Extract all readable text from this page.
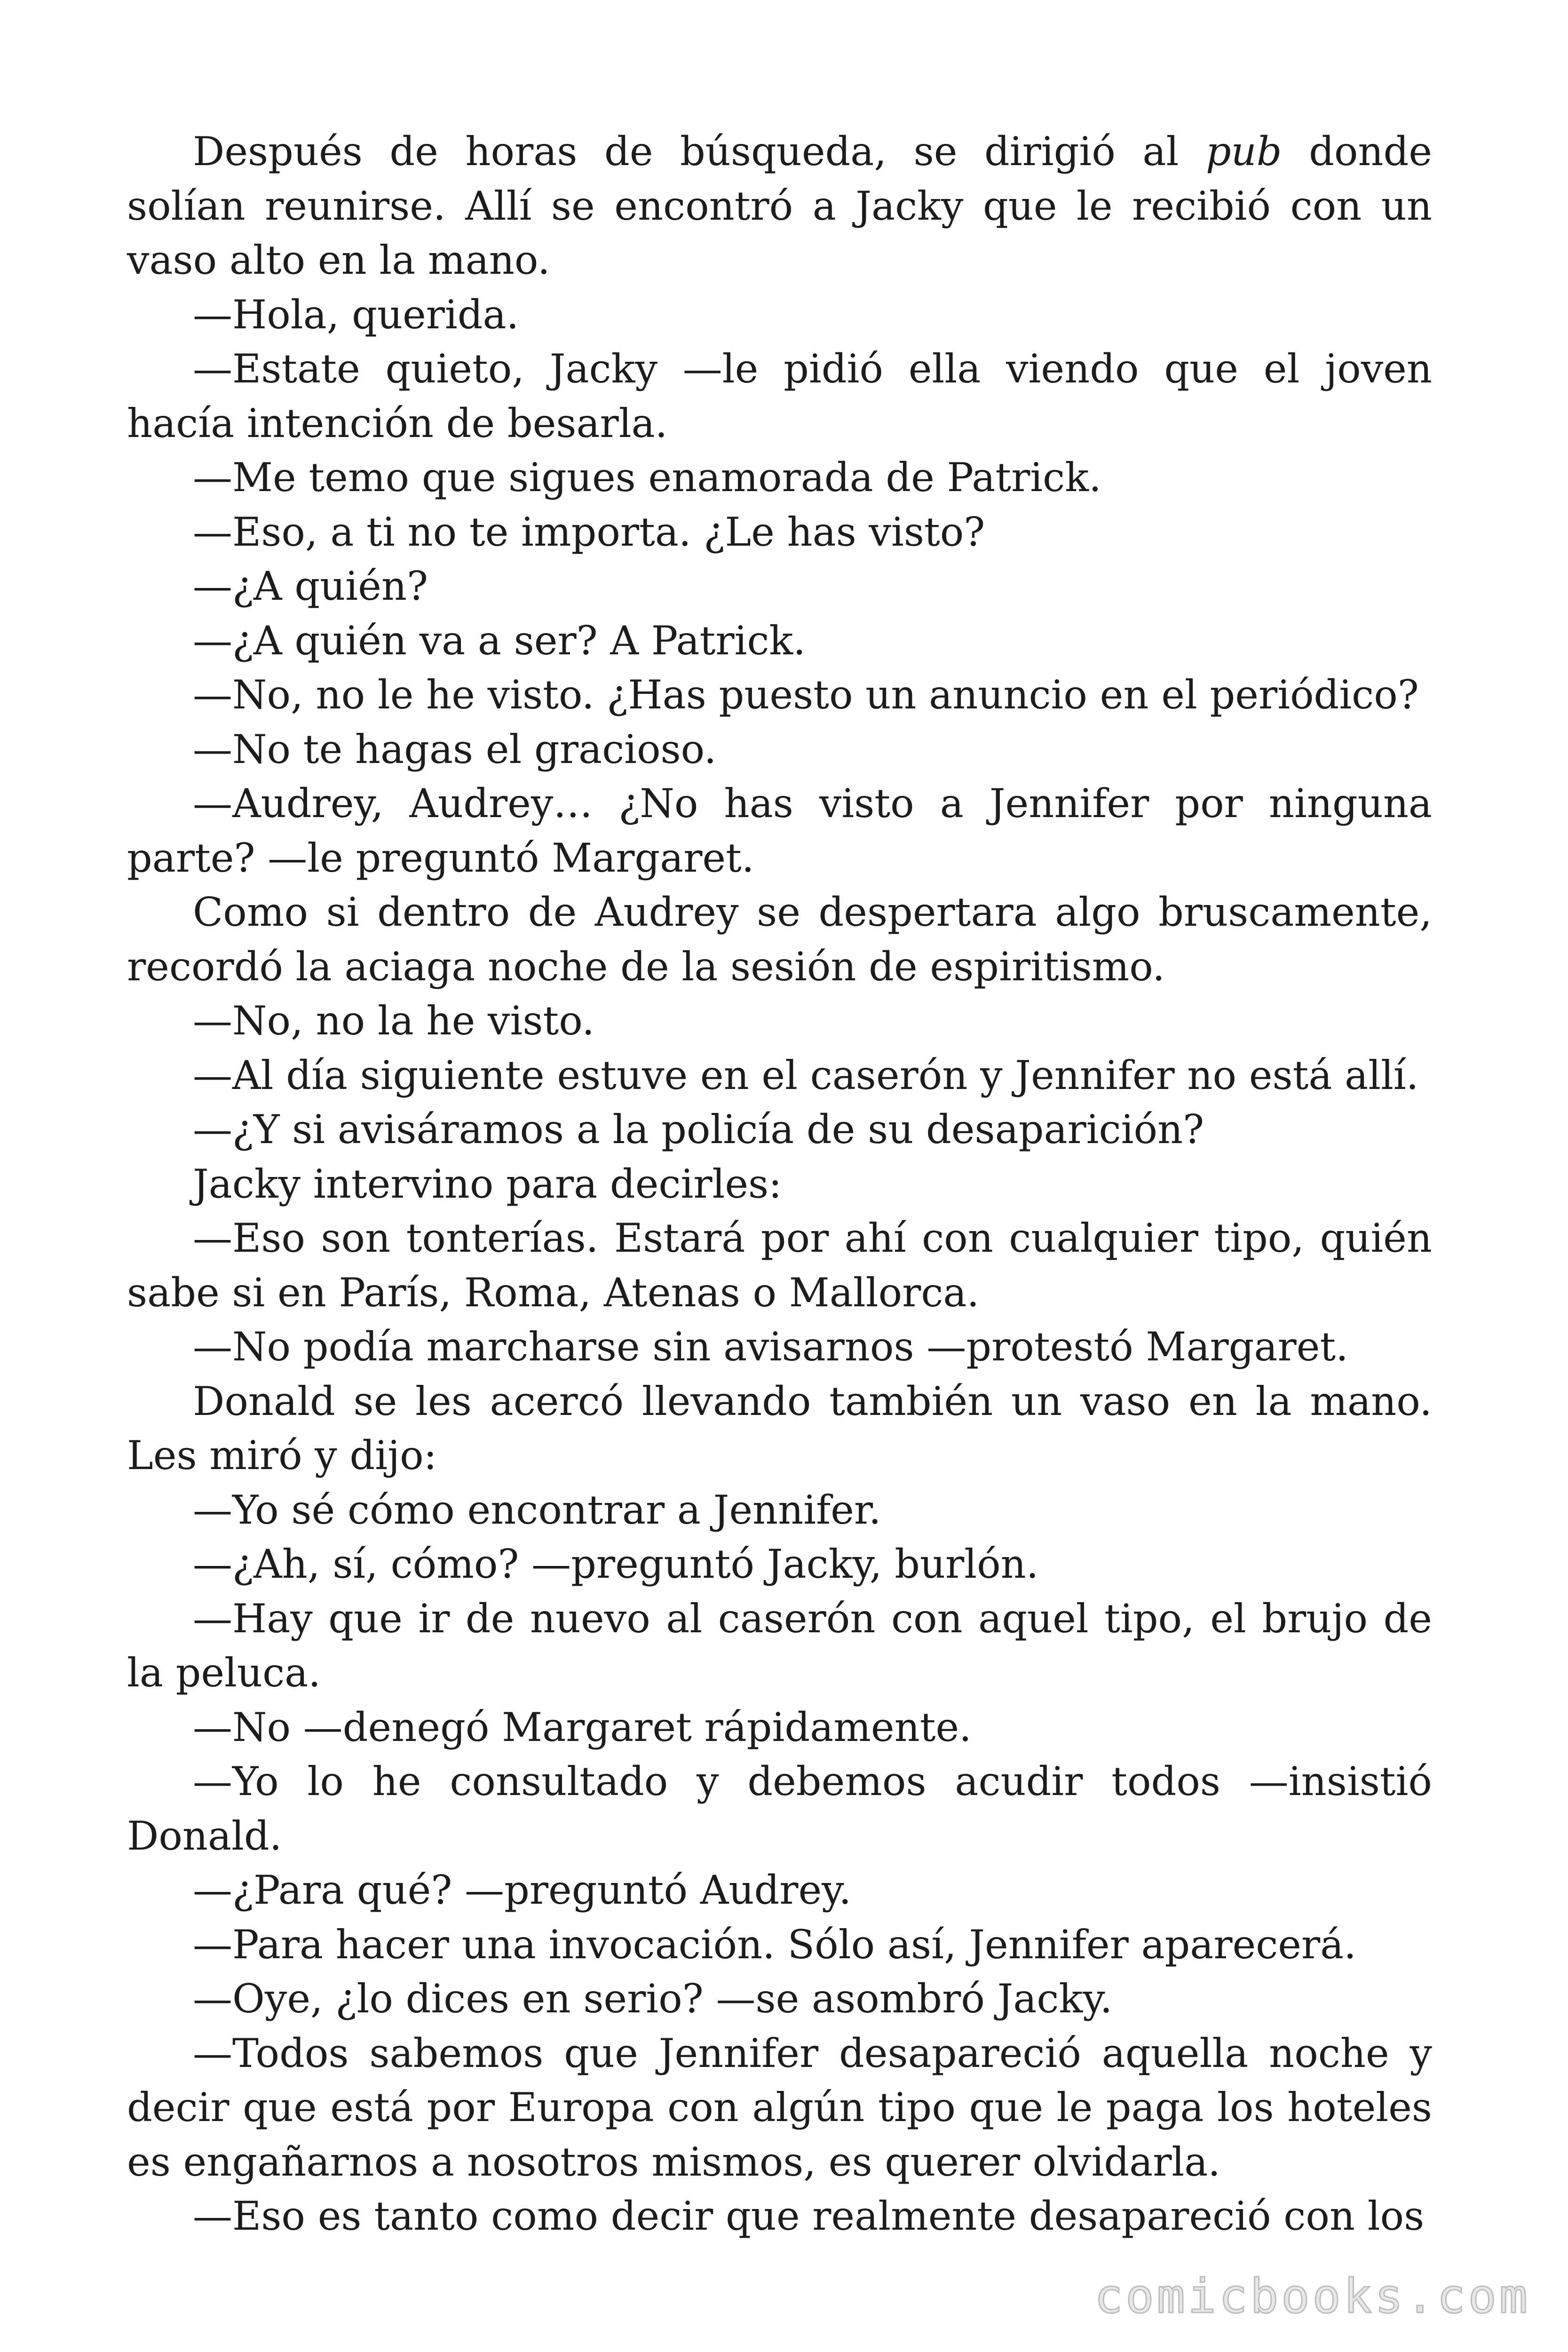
Después de horas de búsqueda, se dirigió al pub donde solían reunirse. Allí se encontró a Jacky que le recibió con un vaso alto en la mano.

—Hola, querida.

—Estate quieto, Jacky —le pidió ella viendo que el joven hacía intención de besarla.

—Me temo que sigues enamorada de Patrick.

—Eso, a ti no te importa. ¿Le has visto?

—¿A quién?

—¿A quién va a ser? A Patrick.

—No, no le he visto. ¿Has puesto un anuncio en el periódico?

—No te hagas el gracioso.

—Audrey, Audrey… ¿No has visto a Jennifer por ninguna parte? —le preguntó Margaret.

Como si dentro de Audrey se despertara algo bruscamente, recordó la aciaga noche de la sesión de espiritismo.

—No, no la he visto.

—Al día siguiente estuve en el caserón y Jennifer no está allí.

—¿Y si avisáramos a la policía de su desaparición?

Jacky intervino para decirles:

—Eso son tonterías. Estará por ahí con cualquier tipo, quién sabe si en París, Roma, Atenas o Mallorca.

—No podía marcharse sin avisarnos —protestó Margaret.

Donald se les acercó llevando también un vaso en la mano. Les miró y dijo:

—Yo sé cómo encontrar a Jennifer.

—¿Ah, sí, cómo? —preguntó Jacky, burlón.

—Hay que ir de nuevo al caserón con aquel tipo, el brujo de la peluca.

—No —denegó Margaret rápidamente.

—Yo lo he consultado y debemos acudir todos —insistió Donald.

—¿Para qué? —preguntó Audrey.

—Para hacer una invocación. Sólo así, Jennifer aparecerá.

—Oye, ¿lo dices en serio? —se asombró Jacky.

—Todos sabemos que Jennifer desapareció aquella noche y decir que está por Europa con algún tipo que le paga los hoteles es engañarnos a nosotros mismos, es querer olvidarla.

—Eso es tanto como decir que realmente desapareció con los

comicbooks.com
